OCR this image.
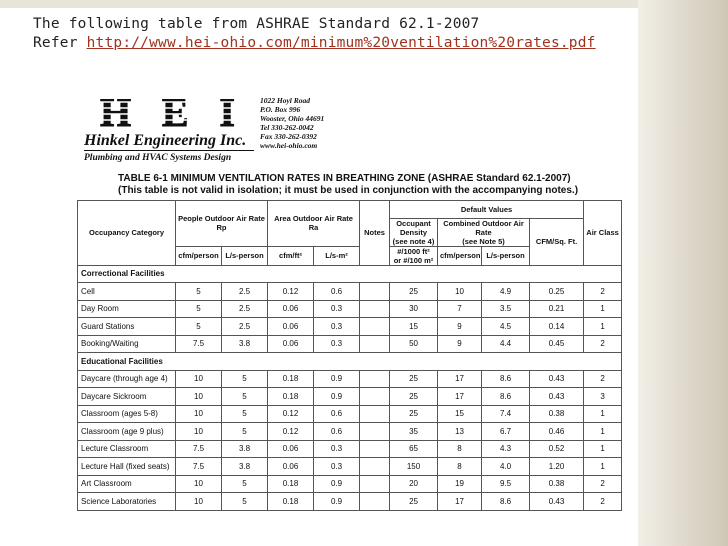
The following table from ASHRAE Standard 62.1-2007
Refer http://www.hei-ohio.com/minimum%20ventilation%20rates.pdf
HEI
Hinkel Engineering Inc.
Plumbing and HVAC Systems Design
1022 Hoyl Road
P.O. Box 996
Wooster, Ohio 44691
Tel 330-262-0042
Fax 330-262-0392
www.hei-ohio.com
TABLE 6-1 MINIMUM VENTILATION RATES IN BREATHING ZONE (ASHRAE Standard 62.1-2007)
(This table is not valid in isolation; it must be used in conjunction with the accompanying notes.)
Occupancy Category	People Outdoor Air Rate
Rp		Area Outdoor Air Rate
Ra		Notes	Default Values				Air Class
						Occupant Density
(see note 4)	Combined Outdoor Air Rate
(see Note 5)		CFM/Sq. Ft.	
	cfm/person	L/s-person	cfm/ft²	L/s-m²		#/1000 ft²
or #/100 m²	cfm/person	L/s-person		
Correctional Facilities										
Cell	5	2.5	0.12	0.6		25	10	4.9	0.25	2
Day Room	5	2.5	0.06	0.3		30	7	3.5	0.21	1
Guard Stations	5	2.5	0.06	0.3		15	9	4.5	0.14	1
Booking/Waiting	7.5	3.8	0.06	0.3		50	9	4.4	0.45	2
Educational Facilities										
Daycare (through age 4)	10	5	0.18	0.9		25	17	8.6	0.43	2
Daycare Sickroom	10	5	0.18	0.9		25	17	8.6	0.43	3
Classroom (ages 5-8)	10	5	0.12	0.6		25	15	7.4	0.38	1
Classroom (age 9 plus)	10	5	0.12	0.6		35	13	6.7	0.46	1
Lecture Classroom	7.5	3.8	0.06	0.3		65	8	4.3	0.52	1
Lecture Hall (fixed seats)	7.5	3.8	0.06	0.3		150	8	4.0	1.20	1
Art Classroom	10	5	0.18	0.9		20	19	9.5	0.38	2
Science Laboratories	10	5	0.18	0.9		25	17	8.6	0.43	2
